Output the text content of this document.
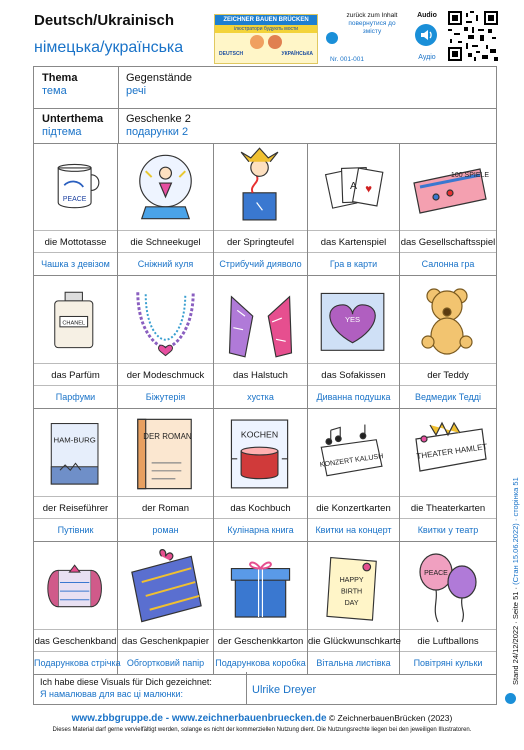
Deutsch/Ukrainisch
німецька/українська
ZEICHNER BAUEN BRÜCKEN
ілюстратори будують мости
DEUTSCH	УКРАЇНСЬКА
zurück zum Inhalt
повернутися до змісту
Nr. 001-001
Audio
Аудіо
Thema
тема
Gegenstände
речі
Unterthema
підтема
Geschenke 2
подарунки 2
PEACE
die Mottotasse
Чашка з девізом
die Schneekugel
Сніжний куля
der Springteufel
Стрибучий дияволо
♥
A
das Kartenspiel
Гра в карти
100 SPIELE
das Gesellschaftsspiel
Салонна гра
CHANEL
das Parfüm
Парфуми
der Modeschmuck
Біжутерія
das Halstuch
хустка
YES
das Sofakissen
Диванна подушка
der Teddy
Ведмедик Тедді
HAM-BURG
der Reiseführer
Путівник
DER ROMAN
der Roman
роман
KOCHEN
das Kochbuch
Кулінарна книга
KONZERT KALUSH
die Konzertkarten
Квитки на концерт
THEATER HAMLET
die Theaterkarten
Квитки у театр
das Geschenkband
Подарункова стрічка
das Geschenkpapier
Обгортковий папір
der Geschenkkarton
Подарункова коробка
HAPPY
BIRTH
DAY
die Glückwunschkarte
Вітальна листівка
PEACE
die Luftballons
Повітряні кульки
Ich habe diese Visuals für Dich gezeichnet:
Я намалював для вас ці малюнки:	Ulrike Dreyer
Stand 24/12/2022 · Seite 51 · (Стан 15.06.2022) · сторінка 51
www.zbbgruppe.de - www.zeichnerbauenbruecken.de © ZeichnerbauenBrücken (2023)
Dieses Material darf gerne vervielfältigt werden, solange es nicht der kommerziellen Nutzung dient. Die Nutzungsrechte liegen bei den jeweiligen Illustratoren.
